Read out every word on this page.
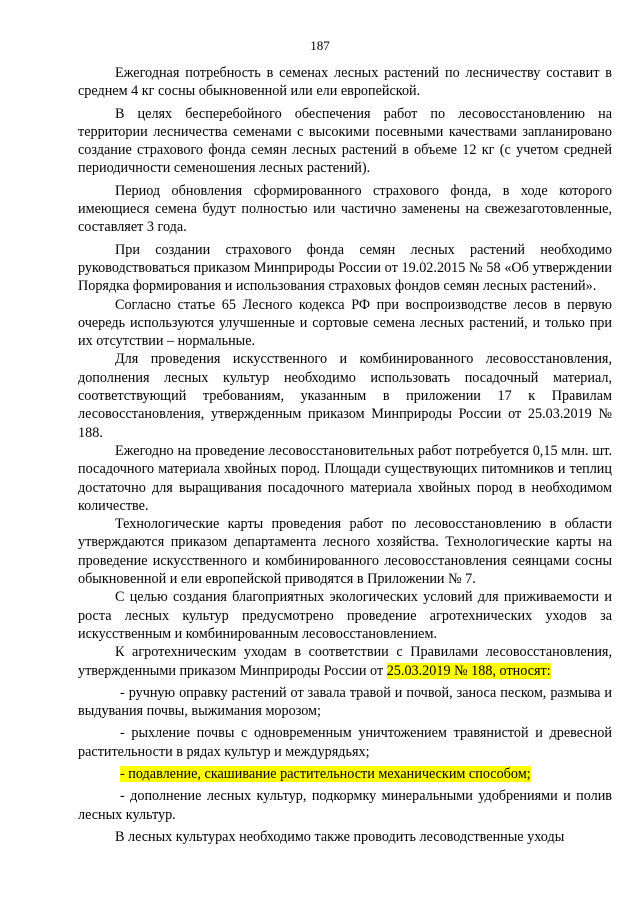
187

Ежегодная потребность в семенах лесных растений по лесничеству составит в среднем 4 кг сосны обыкновенной или ели европейской.

В целях бесперебойного обеспечения работ по лесовосстановлению на территории лесничества семенами с высокими посевными качествами запланировано создание страхового фонда семян лесных растений в объеме 12 кг (с учетом средней периодичности семеношения лесных растений).

Период обновления сформированного страхового фонда, в ходе которого имеющиеся семена будут полностью или частично заменены на свежезаготовленные, составляет 3 года.

При создании страхового фонда семян лесных растений необходимо руководствоваться приказом Минприроды России от 19.02.2015 № 58 «Об утверждении Порядка формирования и использования страховых фондов семян лесных растений».

Согласно статье 65 Лесного кодекса РФ при воспроизводстве лесов в первую очередь используются улучшенные и сортовые семена лесных растений, и только при их отсутствии – нормальные.

Для проведения искусственного и комбинированного лесовосстановления, дополнения лесных культур необходимо использовать посадочный материал, соответствующий требованиям, указанным в приложении 17 к Правилам лесовосстановления, утвержденным приказом Минприроды России от 25.03.2019 № 188.

Ежегодно на проведение лесовосстановительных работ потребуется 0,15 млн. шт. посадочного материала хвойных пород. Площади существующих питомников и теплиц достаточно для выращивания посадочного материала хвойных пород в необходимом количестве.

Технологические карты проведения работ по лесовосстановлению в области утверждаются приказом департамента лесного хозяйства. Технологические карты на проведение искусственного и комбинированного лесовосстановления сеянцами сосны обыкновенной и ели европейской приводятся в Приложении № 7.

С целью создания благоприятных экологических условий для приживаемости и роста лесных культур предусмотрено проведение агротехнических уходов за искусственным и комбинированным лесовосстановлением.

К агротехническим уходам в соответствии с Правилами лесовосстановления, утвержденными приказом Минприроды России от 25.03.2019 № 188, относят:

- ручную оправку растений от завала травой и почвой, заноса песком, размыва и выдувания почвы, выжимания морозом;

- рыхление почвы с одновременным уничтожением травянистой и древесной растительности в рядах культур и междурядьях;

- подавление, скашивание растительности механическим способом;

- дополнение лесных культур, подкормку минеральными удобрениями и полив лесных культур.

В лесных культурах необходимо также проводить лесоводственные уходы
